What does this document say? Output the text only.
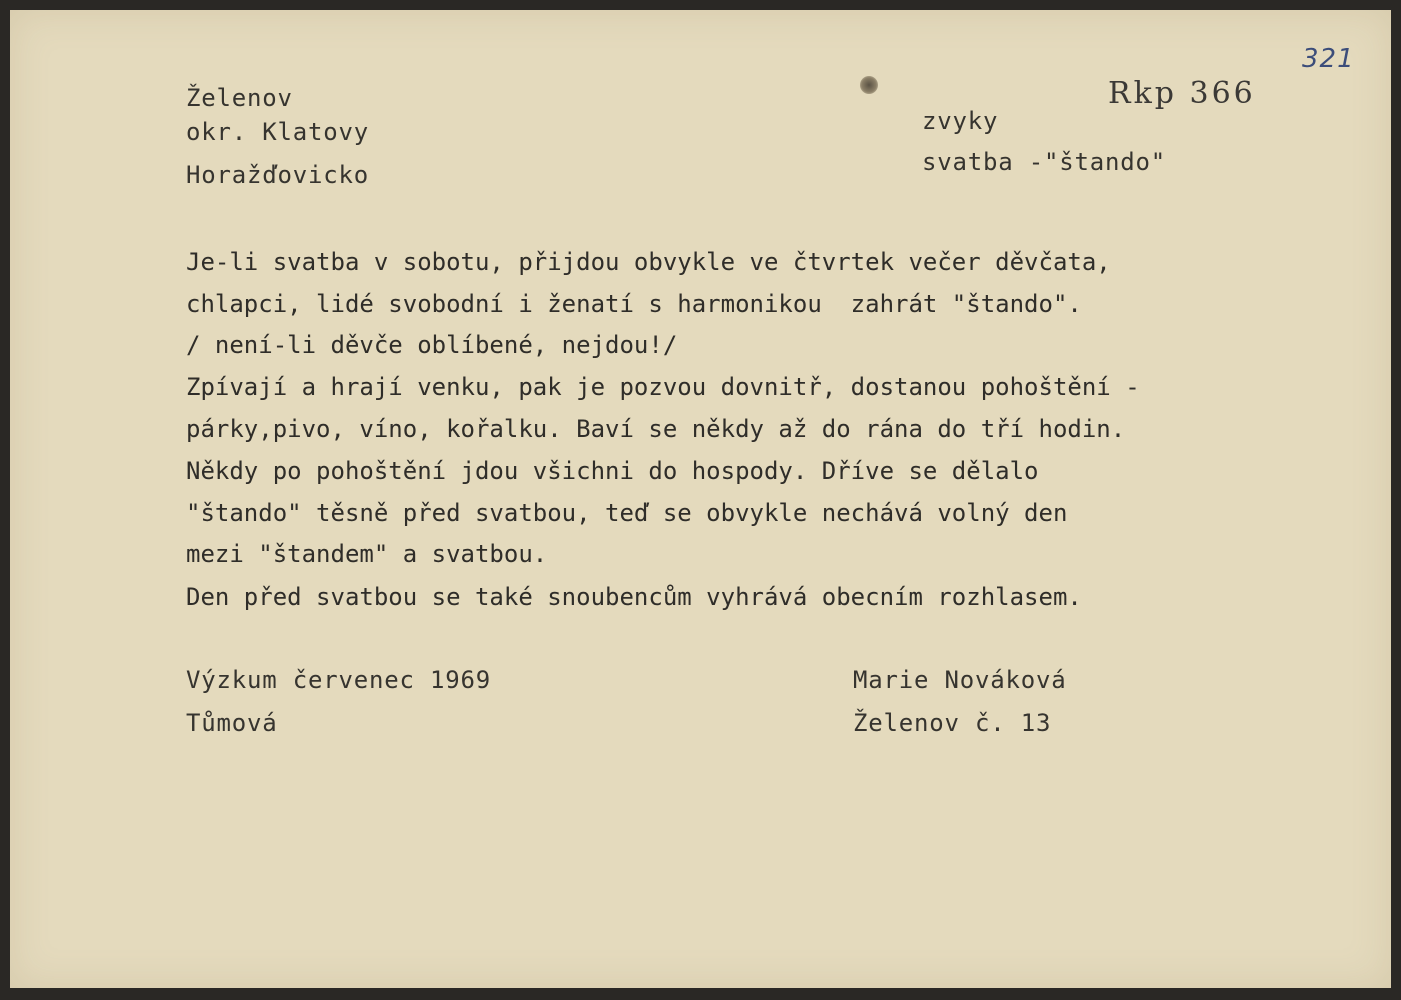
321
Rkp 366
Želenov
okr. Klatovy
Horažďovicko
zvyky
svatba -"štando"
Je-li svatba v sobotu, přijdou obvykle ve čtvrtek večer děvčata,
chlapci, lidé svobodní i ženatí s harmonikou  zahrát "štando".
/ není-li děvče oblíbené, nejdou!/
Zpívají a hrají venku, pak je pozvou dovnitř, dostanou pohoštění -
párky,pivo, víno, kořalku. Baví se někdy až do rána do tří hodin.
Někdy po pohoštění jdou všichni do hospody. Dříve se dělalo
"štando" těsně před svatbou, teď se obvykle nechává volný den
mezi "štandem" a svatbou.
Den před svatbou se také snoubencům vyhrává obecním rozhlasem.
Výzkum červenec 1969
Tůmová
Marie Nováková
Želenov č. 13
